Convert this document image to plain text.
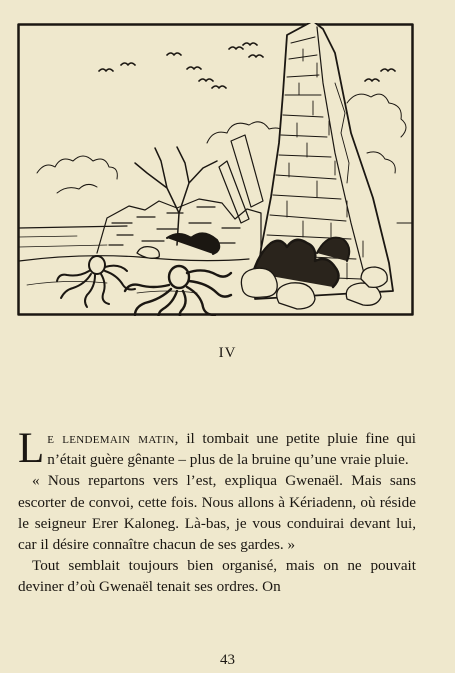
IV

Le lendemain matin, il tombait une petite pluie fine qui n’était guère gênante – plus de la bruine qu’une vraie pluie.

« Nous repartons vers l’est, expliqua Gwenaël. Mais sans escorter de convoi, cette fois. Nous allons à Kériadenn, où réside le seigneur Erer Kaloneg. Là-bas, je vous conduirai devant lui, car il désire connaître chacun de ses gardes. »

Tout semblait toujours bien organisé, mais on ne pouvait deviner d’où Gwenaël tenait ses ordres. On

43
